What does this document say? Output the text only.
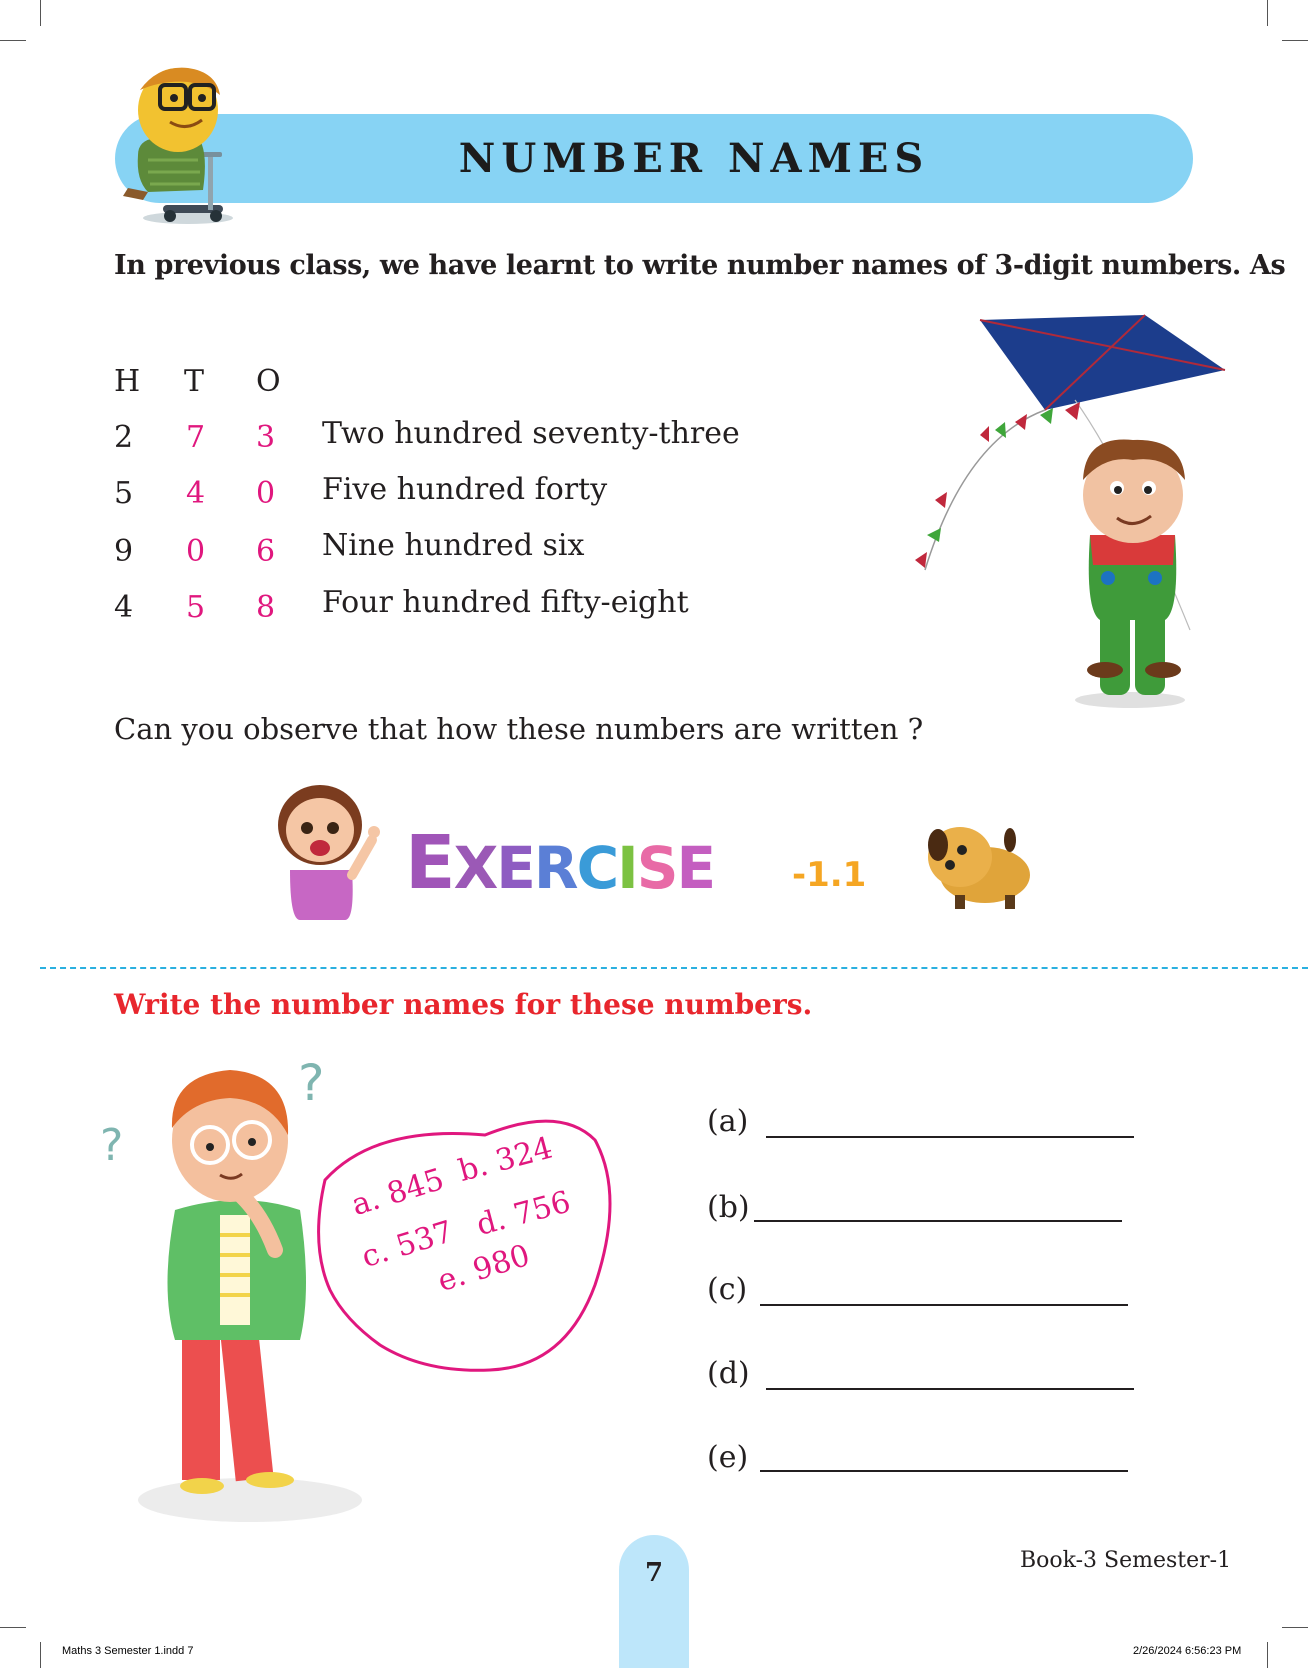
NUMBER NAMES
In previous class, we have learnt to write number names of 3-digit numbers. As
H T O
2 7 3 Two hundred seventy-three
5 4 0 Five hundred forty
9 0 6 Nine hundred six
4 5 8 Four hundred fifty-eight
Can you observe that how these numbers are written ?
EXERCISE -1.1
Write the number names for these numbers.
?
?
a. 845
b. 324
c. 537
d. 756
e. 980
(a)
(b)
(c)
(d)
(e)
7	Book-3 Semester-1
Maths 3 Semester 1.indd 7	2/26/2024 6:56:23 PM
